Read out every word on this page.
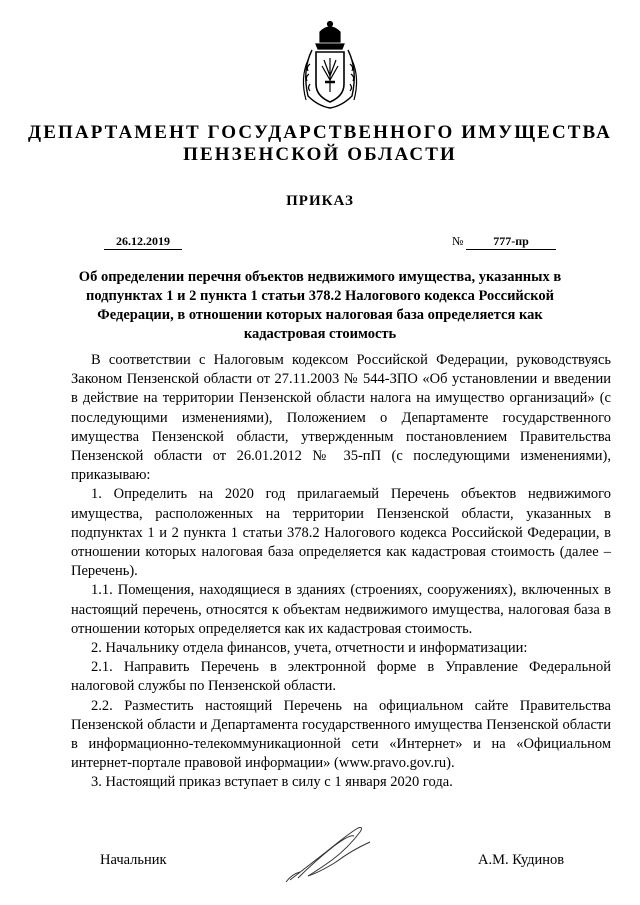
ДЕПАРТАМЕНТ ГОСУДАРСТВЕННОГО ИМУЩЕСТВА
ПЕНЗЕНСКОЙ ОБЛАСТИ
ПРИКАЗ
26.12.2019	№	777-пр
Об определении перечня объектов недвижимого имущества, указанных в подпунктах 1 и 2 пункта 1 статьи 378.2 Налогового кодекса Российской Федерации, в отношении которых налоговая база определяется как кадастровая стоимость

В соответствии с Налоговым кодексом Российской Федерации, руководствуясь Законом Пензенской области от 27.11.2003 № 544-ЗПО «Об установлении и введении в действие на территории Пензенской области налога на имущество организаций» (с последующими изменениями), Положением о Департаменте государственного имущества Пензенской области, утвержденным постановлением Правительства Пензенской области от 26.01.2012 № 35-пП (с последующими изменениями), приказываю:

1. Определить на 2020 год прилагаемый Перечень объектов недвижимого имущества, расположенных на территории Пензенской области, указанных в подпунктах 1 и 2 пункта 1 статьи 378.2 Налогового кодекса Российской Федерации, в отношении которых налоговая база определяется как кадастровая стоимость (далее – Перечень).

1.1. Помещения, находящиеся в зданиях (строениях, сооружениях), включенных в настоящий перечень, относятся к объектам недвижимого имущества, налоговая база в отношении которых определяется как их кадастровая стоимость.

2. Начальнику отдела финансов, учета, отчетности и информатизации:

2.1. Направить Перечень в электронной форме в Управление Федеральной налоговой службы по Пензенской области.

2.2. Разместить настоящий Перечень на официальном сайте Правительства Пензенской области и Департамента государственного имущества Пензенской области в информационно-телекоммуникационной сети «Интернет» и на «Официальном интернет-портале правовой информации» (www.pravo.gov.ru).

3. Настоящий приказ вступает в силу с 1 января 2020 года.

Начальник	А.М. Кудинов
